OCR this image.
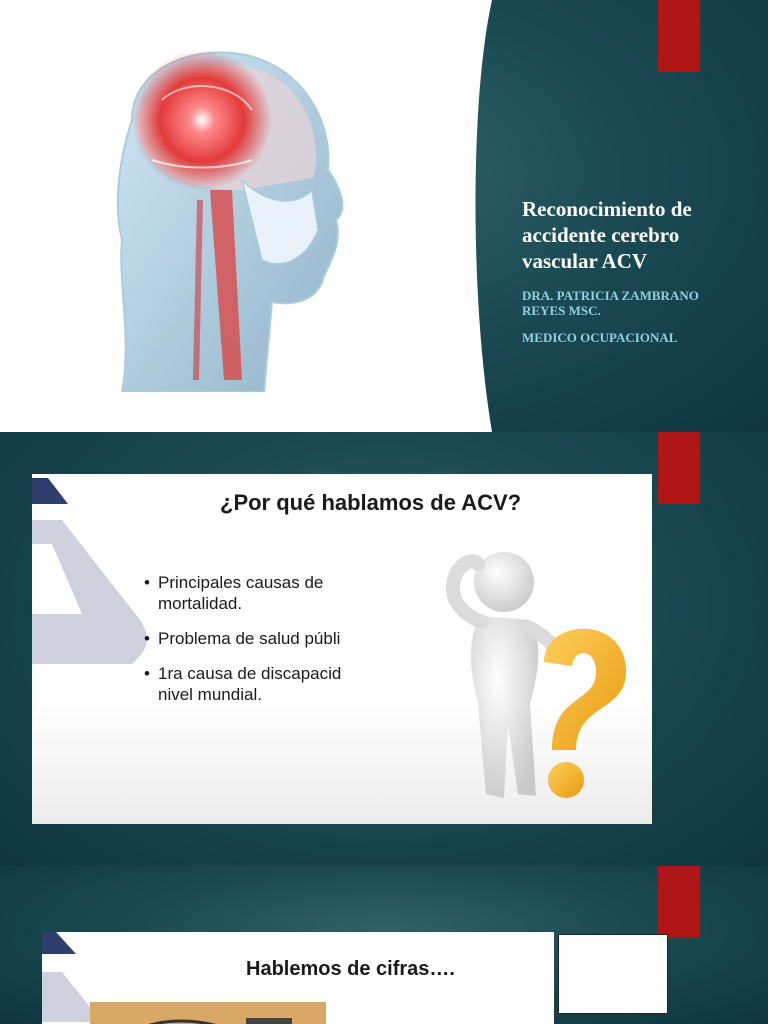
Reconocimiento de
accidente cerebro
vascular ACV

DRA. PATRICIA ZAMBRANO
REYES MSC.

MEDICO OCUPACIONAL

¿Por qué hablamos de ACV?
• Principales causas de
mortalidad.
• Problema de salud públi
• 1ra causa de discapacid
nivel mundial.
Hablemos de cifras….
